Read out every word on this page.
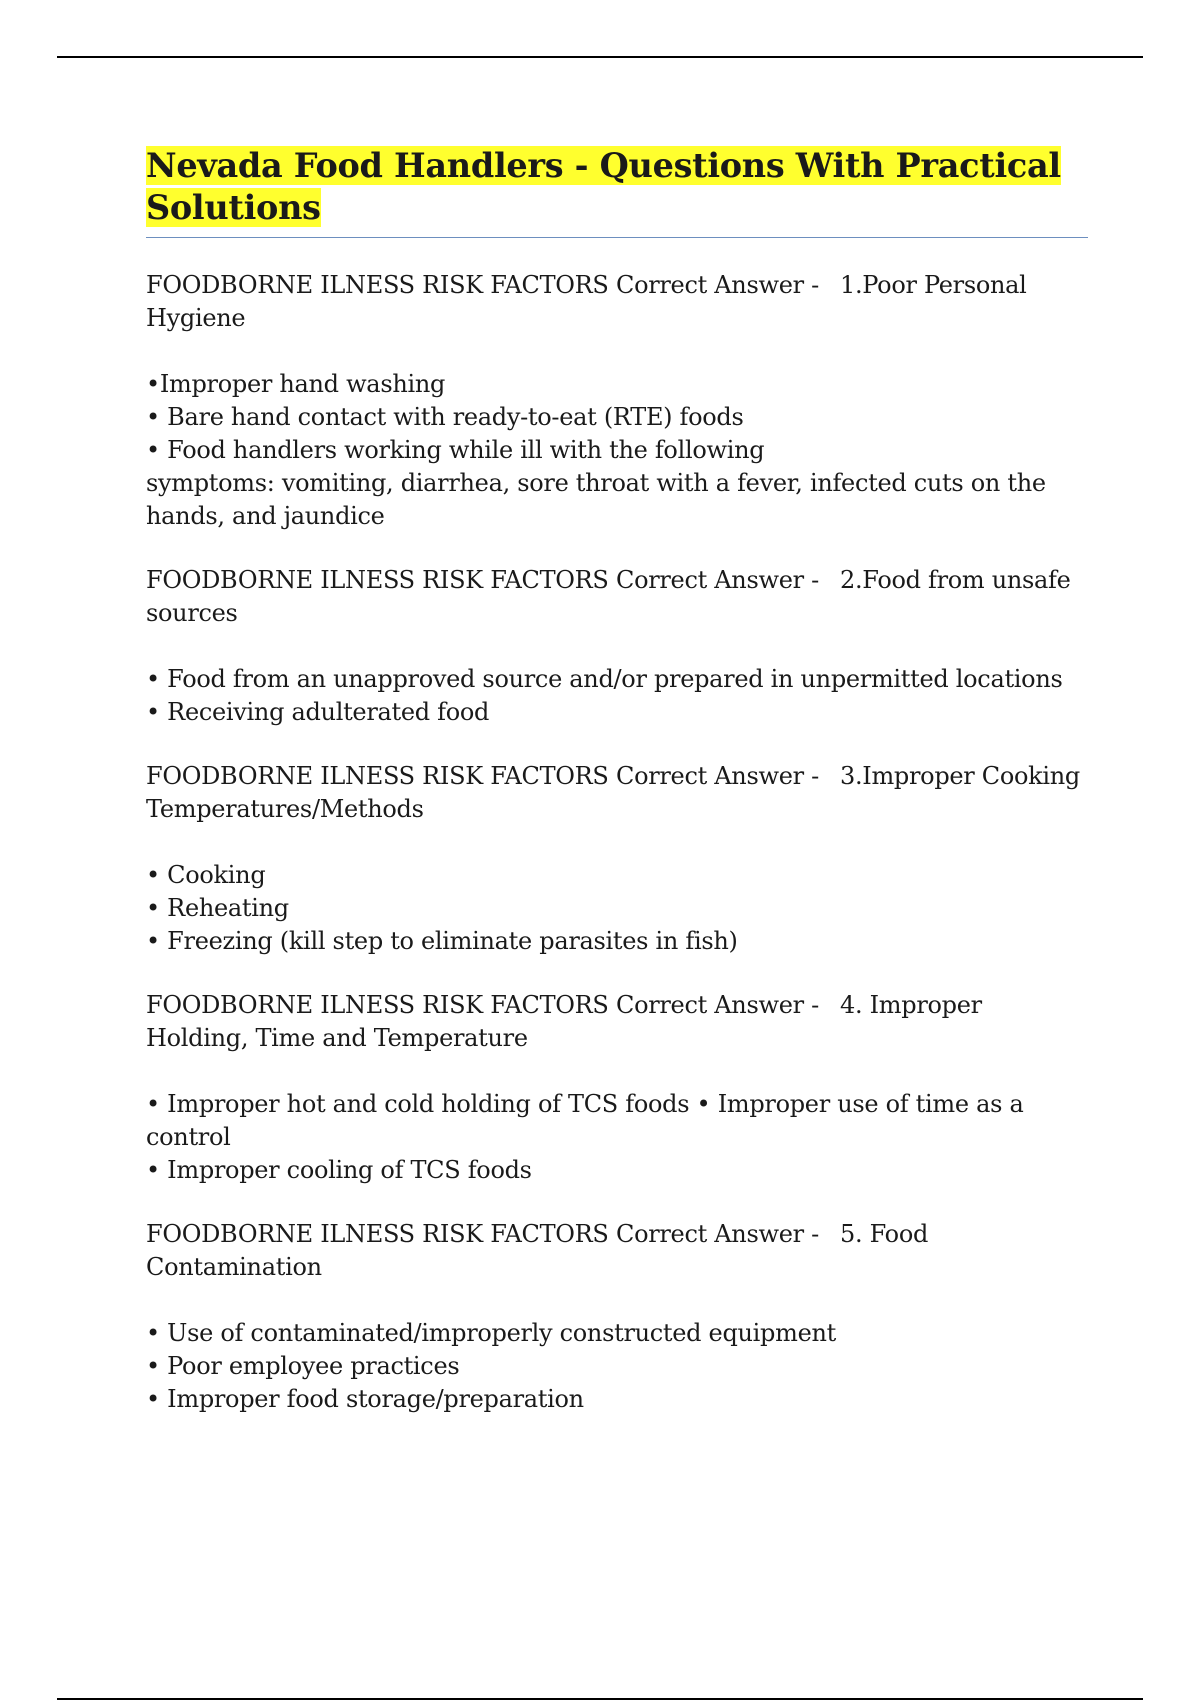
Nevada Food Handlers - Questions With Practical
Solutions
FOODBORNE ILNESS RISK FACTORS Correct Answer - 1.Poor Personal
Hygiene
•Improper hand washing
• Bare hand contact with ready-to-eat (RTE) foods
• Food handlers working while ill with the following
symptoms: vomiting, diarrhea, sore throat with a fever, infected cuts on the
hands, and jaundice
FOODBORNE ILNESS RISK FACTORS Correct Answer - 2.Food from unsafe
sources
• Food from an unapproved source and/or prepared in unpermitted locations
• Receiving adulterated food
FOODBORNE ILNESS RISK FACTORS Correct Answer - 3.Improper Cooking
Temperatures/Methods
• Cooking
• Reheating
• Freezing (kill step to eliminate parasites in fish)
FOODBORNE ILNESS RISK FACTORS Correct Answer - 4. Improper
Holding, Time and Temperature
• Improper hot and cold holding of TCS foods • Improper use of time as a
control
• Improper cooling of TCS foods
FOODBORNE ILNESS RISK FACTORS Correct Answer - 5. Food
Contamination
• Use of contaminated/improperly constructed equipment
• Poor employee practices
• Improper food storage/preparation
